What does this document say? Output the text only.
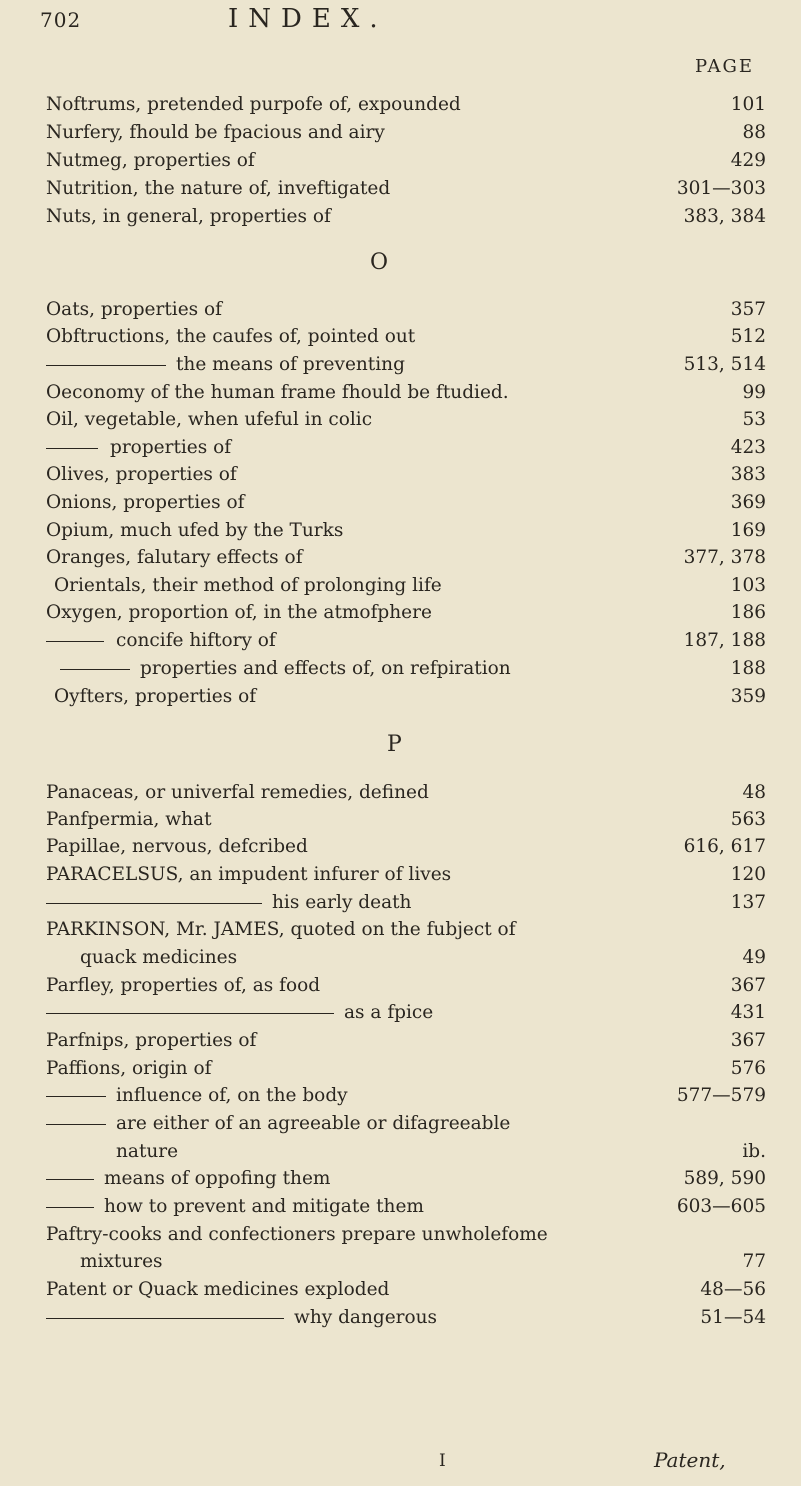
702	INDEX.
PAGE
Noftrums, pretended purpofe of, expounded	101
Nurfery, fhould be fpacious and airy	88
Nutmeg, properties of	429
Nutrition, the nature of, inveftigated	301—303
Nuts, in general, properties of	383, 384
O
Oats, properties of	357
Obftructions, the caufes of, pointed out	512
the means of preventing	513, 514
Oeconomy of the human frame fhould be ftudied.	99
Oil, vegetable, when ufeful in colic	53
properties of	423
Olives, properties of	383
Onions, properties of	369
Opium, much ufed by the Turks	169
Oranges, falutary effects of	377, 378
Orientals, their method of prolonging life	103
Oxygen, proportion of, in the atmofphere	186
concife hiftory of	187, 188
properties and effects of, on refpiration	188
Oyfters, properties of	359
P
Panaceas, or univerfal remedies, defined	48
Panfpermia, what	563
Papillae, nervous, defcribed	616, 617
PARACELSUS, an impudent infurer of lives	120
his early death	137
PARKINSON, Mr. JAMES, quoted on the fubject of
quack medicines	49
Parfley, properties of, as food	367
as a fpice	431
Parfnips, properties of	367
Paffions, origin of	576
influence of, on the body	577—579
are either of an agreeable or difagreeable
nature	ib.
means of oppofing them	589, 590
how to prevent and mitigate them	603—605
Paftry-cooks and confectioners prepare unwholefome
mixtures	77
Patent or Quack medicines exploded	48—56
why dangerous	51—54
I	Patent,
